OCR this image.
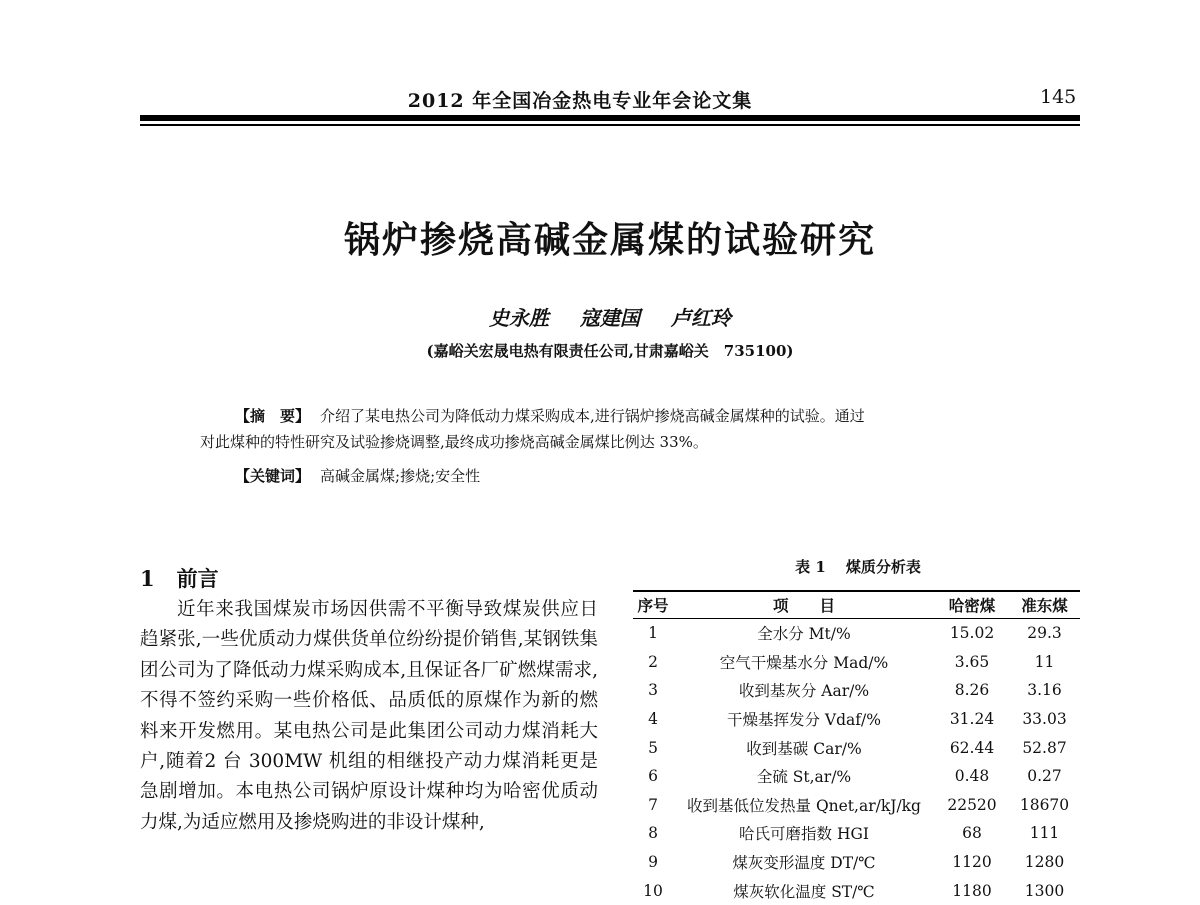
2012 年全国冶金热电专业年会论文集	145
锅炉掺烧高碱金属煤的试验研究
史永胜 寇建国 卢红玲
(嘉峪关宏晟电热有限责任公司,甘肃嘉峪关　735100)
【摘　要】 介绍了某电热公司为降低动力煤采购成本,进行锅炉掺烧高碱金属煤种的试验。通过
对此煤种的特性研究及试验掺烧调整,最终成功掺烧高碱金属煤比例达 33%。
【关键词】 高碱金属煤;掺烧;安全性
1 前言
近年来我国煤炭市场因供需不平衡导致煤炭供应日趋紧张,一些优质动力煤供货单位纷纷提价销售,某钢铁集团公司为了降低动力煤采购成本,且保证各厂矿燃煤需求,不得不签约采购一些价格低、品质低的原煤作为新的燃料来开发燃用。某电热公司是此集团公司动力煤消耗大户,随着2 台 300MW 机组的相继投产动力煤消耗更是急剧增加。本电热公司锅炉原设计煤种均为哈密优质动力煤,为适应燃用及掺烧购进的非设计煤种,
表 1 煤质分析表
序号	项　　目	哈密煤	准东煤
1	全水分 Mt/%	15.02	29.3
2	空气干燥基水分 Mad/%	3.65	11
3	收到基灰分 Aar/%	8.26	3.16
4	干燥基挥发分 Vdaf/%	31.24	33.03
5	收到基碳 Car/%	62.44	52.87
6	全硫 St,ar/%	0.48	0.27
7	收到基低位发热量 Qnet,ar/kJ/kg	22520	18670
8	哈氏可磨指数 HGI	68	111
9	煤灰变形温度 DT/℃	1120	1280
10	煤灰软化温度 ST/℃	1180	1300
